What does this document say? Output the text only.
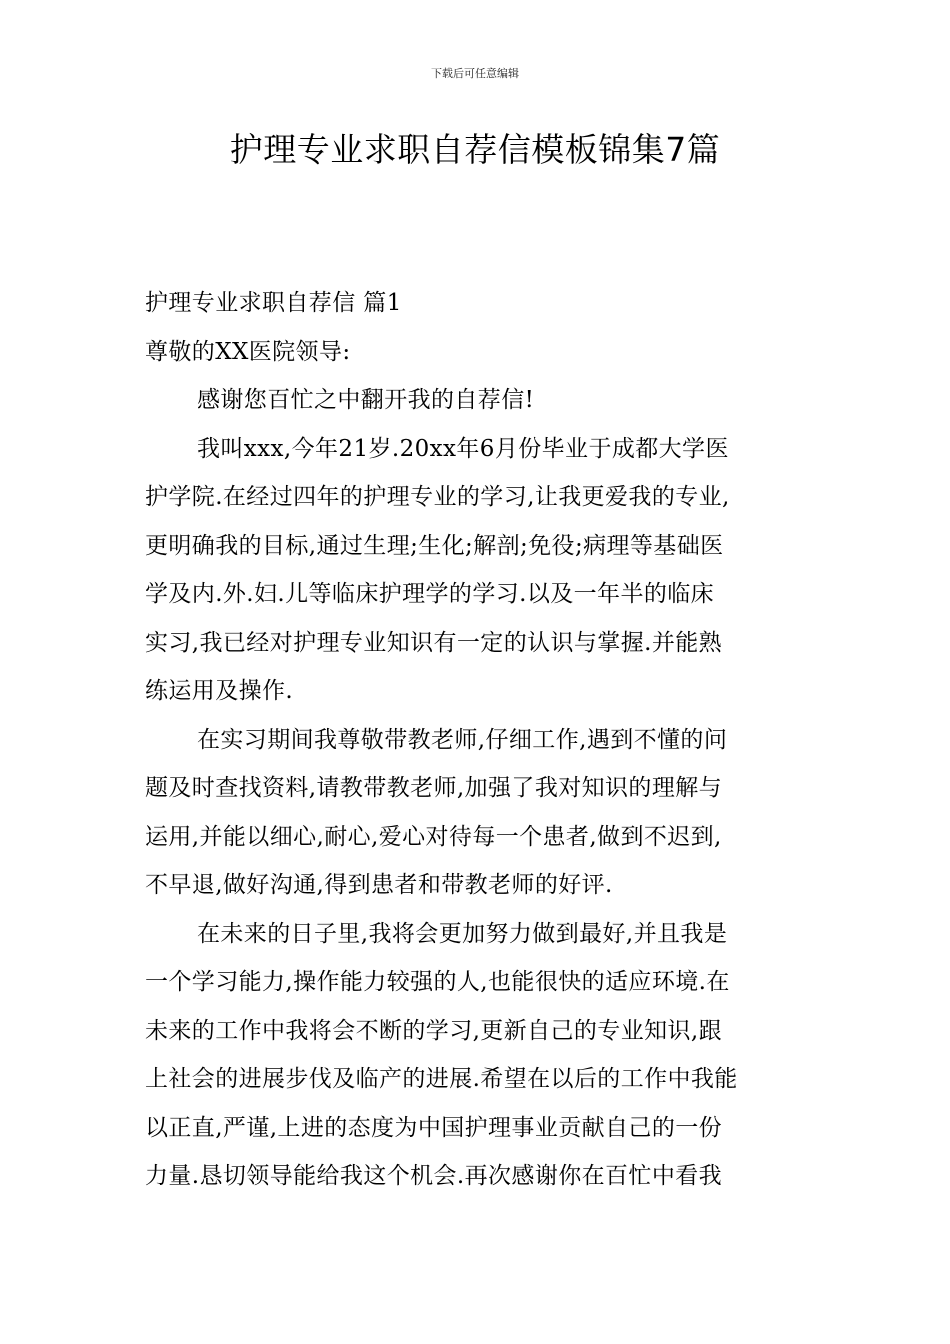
下载后可任意编辑
护理专业求职自荐信模板锦集7篇
护理专业求职自荐信 篇1
尊敬的XX医院领导:
感谢您百忙之中翻开我的自荐信!
我叫xxx,今年21岁.20xx年6月份毕业于成都大学医
护学院.在经过四年的护理专业的学习,让我更爱我的专业,
更明确我的目标,通过生理;生化;解剖;免役;病理等基础医
学及内.外.妇.儿等临床护理学的学习.以及一年半的临床
实习,我已经对护理专业知识有一定的认识与掌握.并能熟
练运用及操作.
在实习期间我尊敬带教老师,仔细工作,遇到不懂的问
题及时查找资料,请教带教老师,加强了我对知识的理解与
运用,并能以细心,耐心,爱心对待每一个患者,做到不迟到,
不早退,做好沟通,得到患者和带教老师的好评.
在未来的日子里,我将会更加努力做到最好,并且我是
一个学习能力,操作能力较强的人,也能很快的适应环境.在
未来的工作中我将会不断的学习,更新自己的专业知识,跟
上社会的进展步伐及临产的进展.希望在以后的工作中我能
以正直,严谨,上进的态度为中国护理事业贡献自己的一份
力量.恳切领导能给我这个机会.再次感谢你在百忙中看我
